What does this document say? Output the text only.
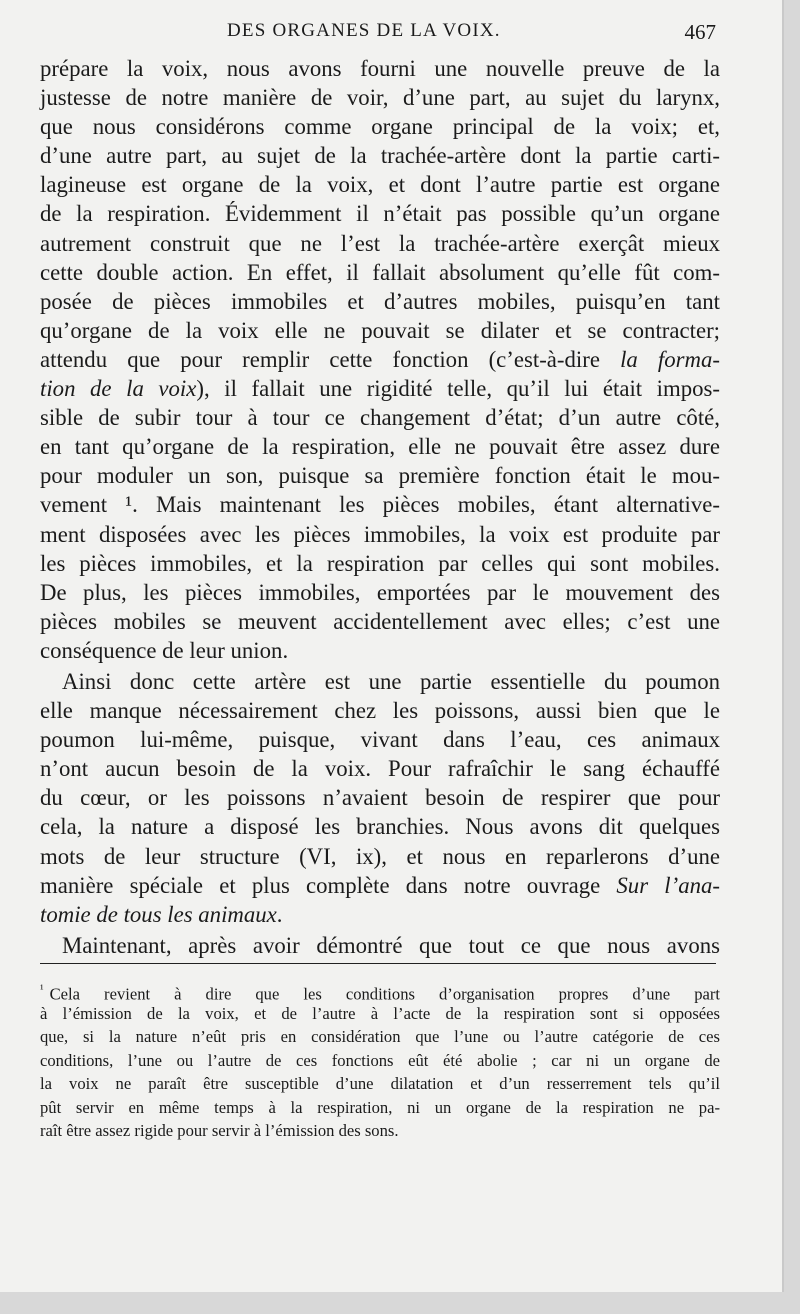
DES ORGANES DE LA VOIX.	467
prépare la voix, nous avons fourni une nouvelle preuve de la
justesse de notre manière de voir, d’une part, au sujet du larynx,
que nous considérons comme organe principal de la voix; et,
d’une autre part, au sujet de la trachée-artère dont la partie carti-
lagineuse est organe de la voix, et dont l’autre partie est organe
de la respiration. Évidemment il n’était pas possible qu’un organe
autrement construit que ne l’est la trachée-artère exerçât mieux
cette double action. En effet, il fallait absolument qu’elle fût com-
posée de pièces immobiles et d’autres mobiles, puisqu’en tant
qu’organe de la voix elle ne pouvait se dilater et se contracter;
attendu que pour remplir cette fonction (c’est-à-dire la forma-
tion de la voix), il fallait une rigidité telle, qu’il lui était impos-
sible de subir tour à tour ce changement d’état; d’un autre côté,
en tant qu’organe de la respiration, elle ne pouvait être assez dure
pour moduler un son, puisque sa première fonction était le mou-
vement ¹. Mais maintenant les pièces mobiles, étant alternative-
ment disposées avec les pièces immobiles, la voix est produite par
les pièces immobiles, et la respiration par celles qui sont mobiles.
De plus, les pièces immobiles, emportées par le mouvement des
pièces mobiles se meuvent accidentellement avec elles; c’est une
conséquence de leur union.
Ainsi donc cette artère est une partie essentielle du poumon
elle manque nécessairement chez les poissons, aussi bien que le
poumon lui-même, puisque, vivant dans l’eau, ces animaux
n’ont aucun besoin de la voix. Pour rafraîchir le sang échauffé
du cœur, or les poissons n’avaient besoin de respirer que pour
cela, la nature a disposé les branchies. Nous avons dit quelques
mots de leur structure (VI, ix), et nous en reparlerons d’une
manière spéciale et plus complète dans notre ouvrage Sur l’ana-
tomie de tous les animaux.
Maintenant, après avoir démontré que tout ce que nous avons
$^{^1}$ Cela revient à dire que les conditions d’organisation propres d’une part
à l’émission de la voix, et de l’autre à l’acte de la respiration sont si opposées
que, si la nature n’eût pris en considération que l’une ou l’autre catégorie de ces
conditions, l’une ou l’autre de ces fonctions eût été abolie ; car ni un organe de
la voix ne paraît être susceptible d’une dilatation et d’un resserrement tels qu’il
pût servir en même temps à la respiration, ni un organe de la respiration ne pa-
raît être assez rigide pour servir à l’émission des sons.
